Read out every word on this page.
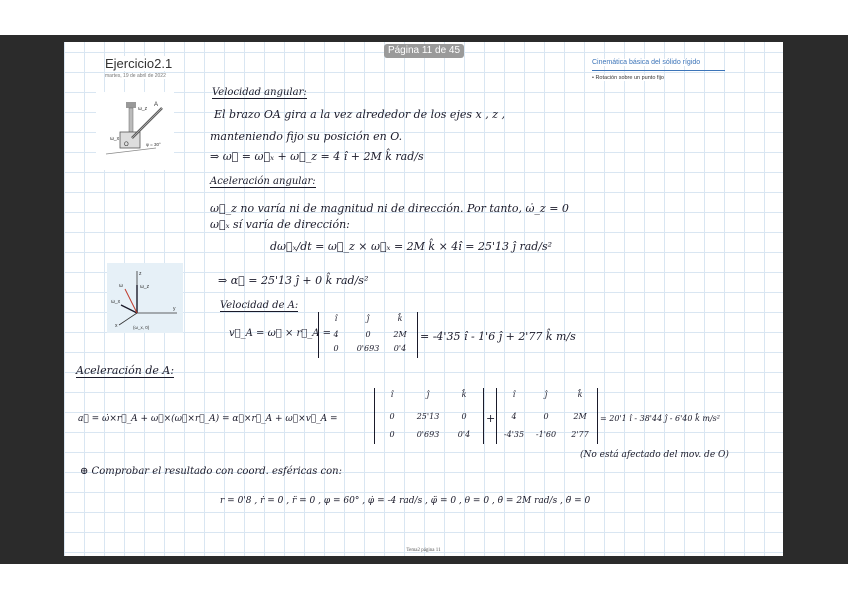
Ejercicio2.1
martes, 19 de abril de 2022
Cinemática básica del sólido rígido
• Rotación sobre un punto fijo
A
O
ω_z
ω_x
φ = 30°
z
y
x
ω_z
ω_x
ω
(ω_x, 0)
Velocidad angular:
El brazo OA gira a la vez alrededor de los ejes x , z ,
manteniendo fijo su posición en O.
⇒ ω⃗ = ω⃗ₓ + ω⃗_z = 4 î + 2M k̂ rad/s
Aceleración angular:
ω⃗_z no varía ni de magnitud ni de dirección. Por tanto, ω̇_z = 0
ω⃗ₓ sí varía de dirección:
dω⃗ₓ/dt = ω⃗_z × ω⃗ₓ = 2M k̂ × 4î = 25'13 ĵ rad/s²
⇒ α⃗ = 25'13 ĵ + 0 k̂ rad/s²
Velocidad de A:
v⃗_A = ω⃗ × r⃗_A =
î	ĵ	k̂
4	0	2M
0	0'693	0'4
= -4'35 î - 1'6 ĵ + 2'77 k̂ m/s
Aceleración de A:
a⃗ = ω̇×r⃗_A + ω⃗×(ω⃗×r⃗_A) = α⃗×r⃗_A + ω⃗×v⃗_A =
î	ĵ	k̂
0	25'13	0
0	0'693	0'4
+
î	ĵ	k̂
4	0	2M
-4'35	-1'60	2'77
= 20'1 î - 38'44 ĵ - 6'40 k̂ m/s²
(No está afectado del mov. de O)
⊕ Comprobar el resultado con coord. esféricas con:
r = 0'8 , ṙ = 0 , r̈ = 0 , φ = 60° , φ̇ = -4 rad/s , φ̈ = 0 , θ = 0 , θ̇ = 2M rad/s , θ̈ = 0
Tema2 página 11
Página 11 de 45
